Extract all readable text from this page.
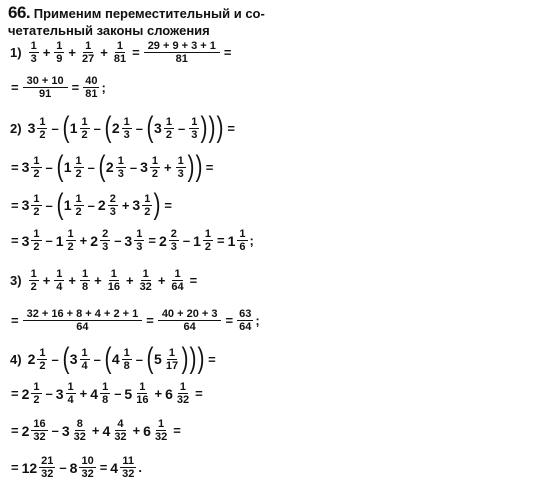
66. Применим переместительный и со-
четательный законы сложения
$1) \frac{1}{3} + \frac{1}{9} + \frac{1}{27} + \frac{1}{81} = \frac{29 + 9 + 3 + 1}{81}$ =
= $\frac{30 + 10}{91} = \frac{40}{81}$ ;
2) $3 \frac{1}{2}$ – ( $1 \frac{1}{2}$ – ( $2 \frac{1}{3}$ – ( $3 \frac{1}{2} - \frac{1}{3}$ ) ) ) =
= $3 \frac{1}{2}$ – ( $1 \frac{1}{2}$ – ( $2 \frac{1}{3} - 3 \frac{1}{2} + \frac{1}{3}$ ) ) =
= $3 \frac{1}{2}$ – ( $1 \frac{1}{2} - 2 \frac{2}{3} + 3 \frac{1}{2}$ ) =
= $3 \frac{1}{2} - 1 \frac{1}{2} + 2 \frac{2}{3} - 3 \frac{1}{3} = 2 \frac{2}{3} - 1 \frac{1}{2} = 1 \frac{1}{6}$ ;
$3) \frac{1}{2} + \frac{1}{4} + \frac{1}{8} + \frac{1}{16} + \frac{1}{32} + \frac{1}{64}$ =
= $\frac{32 + 16 + 8 + 4 + 2 + 1}{64} = \frac{40 + 20 + 3}{64} = \frac{63}{64}$ ;
4) $2 \frac{1}{2}$ – ( $3 \frac{1}{4}$ – ( $4 \frac{1}{8}$ – ( $5 \frac{1}{17}$ ) ) ) =
= $2 \frac{1}{2} - 3 \frac{1}{4} + 4 \frac{1}{8} - 5 \frac{1}{16} + 6 \frac{1}{32}$ =
= $2 \frac{16}{32} - 3 \frac{8}{32} + 4 \frac{4}{32} + 6 \frac{1}{32}$ =
= $12 \frac{21}{32} - 8 \frac{10}{32} = 4 \frac{11}{32}$ .
